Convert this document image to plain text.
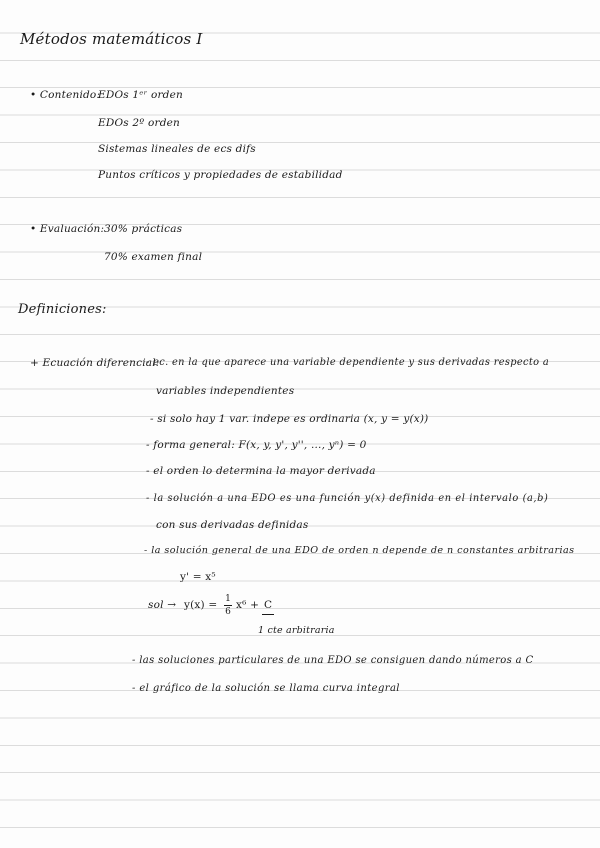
Métodos matemáticos I
• Contenido:
EDOs 1ᵉʳ orden
EDOs 2º orden
Sistemas lineales de ecs difs
Puntos críticos y propiedades de estabilidad
• Evaluación: 30% prácticas
70% examen final
Definiciones:
+ Ecuación diferencial:
- ec. en la que aparece una variable dependiente y sus derivadas respecto a
variables independientes
- si solo hay 1 var. indepe es ordinaria (x, y = y(x))
- forma general: F(x, y, y', y'', ..., yⁿ) = 0
- el orden lo determina la mayor derivada
- la solución a una EDO es una función y(x) definida en el intervalo (a,b)
con sus derivadas definidas
- la solución general de una EDO de orden n depende de n constantes arbitrarias
y' = x⁵
sol → y(x) = 1
6
x⁶ + C
1 cte arbitraria
- las soluciones particulares de una EDO se consiguen dando números a C
- el gráfico de la solución se llama curva integral
